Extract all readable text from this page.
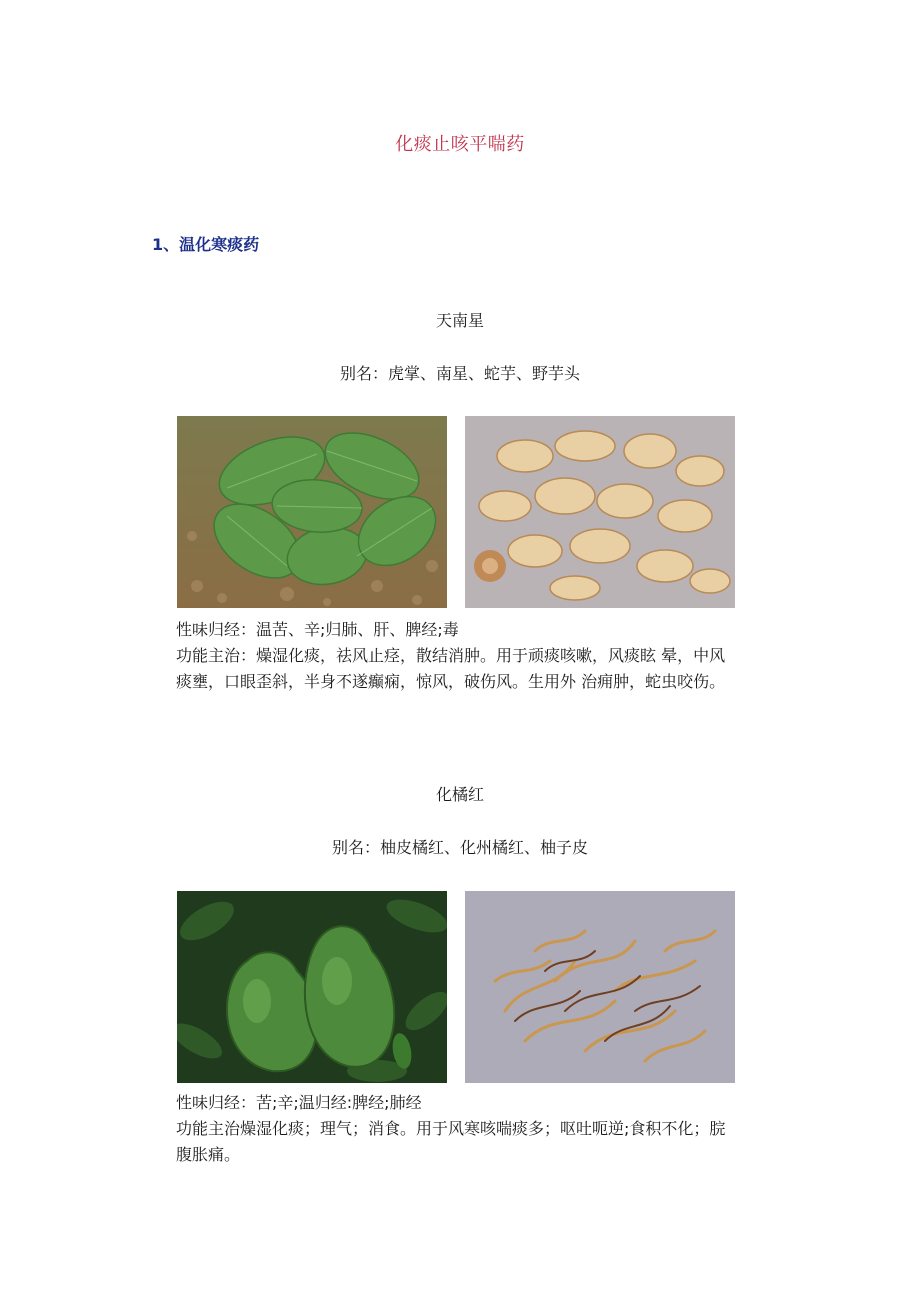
化痰止咳平喘药
1、温化寒痰药
天南星
别名：虎掌、南星、蛇芋、野芋头

性味归经：温苦、辛;归肺、肝、脾经;毒

功能主治：燥湿化痰，祛风止痉，散结消肿。用于顽痰咳嗽，风痰眩 晕，中风痰壅，口眼歪斜，半身不遂癫痫，惊风，破伤风。生用外 治痈肿，蛇虫咬伤。

化橘红
别名：柚皮橘红、化州橘红、柚子皮

性味归经：苦;辛;温归经:脾经;肺经

功能主治燥湿化痰；理气；消食。用于风寒咳喘痰多；呕吐呃逆;食积不化；脘腹胀痛。
